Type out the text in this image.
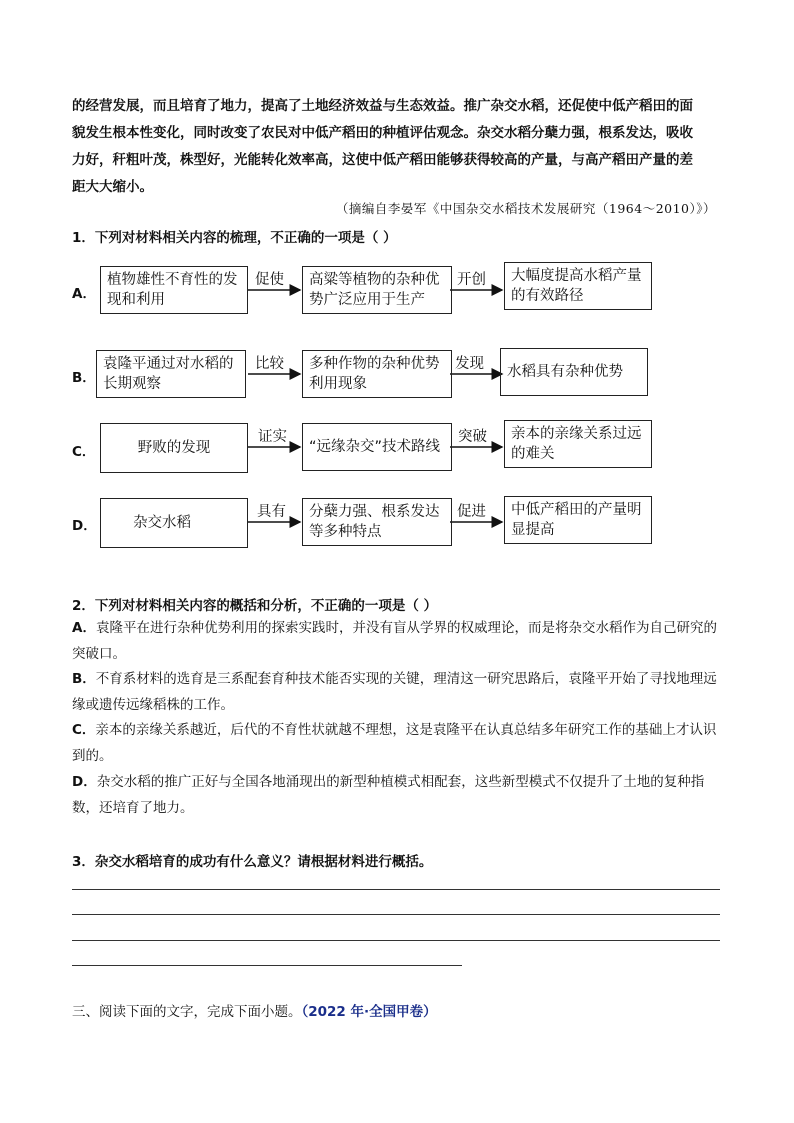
的经营发展，而且培育了地力，提高了土地经济效益与生态效益。推广杂交水稻，还促使中低产稻田的面
貌发生根本性变化，同时改变了农民对中低产稻田的种植评估观念。杂交水稻分蘖力强，根系发达，吸收
力好，秆粗叶茂，株型好，光能转化效率高，这使中低产稻田能够获得较高的产量，与高产稻田产量的差
距大大缩小。
（摘编自李晏军《中国杂交水稻技术发展研究（1964～2010）》）
1．下列对材料相关内容的梳理，不正确的一项是（ ）
A．
植物雄性不育性的发现和利用
促使 高粱等植物的杂种优势广泛应用于生产
开创 大幅度提高水稻产量的有效路径
B．
袁隆平通过对水稻的长期观察
比较 多种作物的杂种优势利用现象
发现 水稻具有杂种优势
C．	野败的发现
证实
“远缘杂交”技术路线
突破 亲本的亲缘关系过远的难关
D．	杂交水稻
具有 分蘖力强、根系发达等多种特点
促进 中低产稻田的产量明显提高
2．下列对材料相关内容的概括和分析，不正确的一项是（ ）
A．袁隆平在进行杂种优势利用的探索实践时，并没有盲从学界的权威理论，而是将杂交水稻作为自己研究的突破口。
B．不育系材料的选育是三系配套育种技术能否实现的关键，理清这一研究思路后，袁隆平开始了寻找地理远缘或遗传远缘稻株的工作。
C．亲本的亲缘关系越近，后代的不育性状就越不理想，这是袁隆平在认真总结多年研究工作的基础上才认识到的。
D．杂交水稻的推广正好与全国各地涌现出的新型种植模式相配套，这些新型模式不仅提升了土地的复种指数，还培育了地力。
3．杂交水稻培育的成功有什么意义？请根据材料进行概括。
三、阅读下面的文字，完成下面小题。（2022 年·全国甲卷）
